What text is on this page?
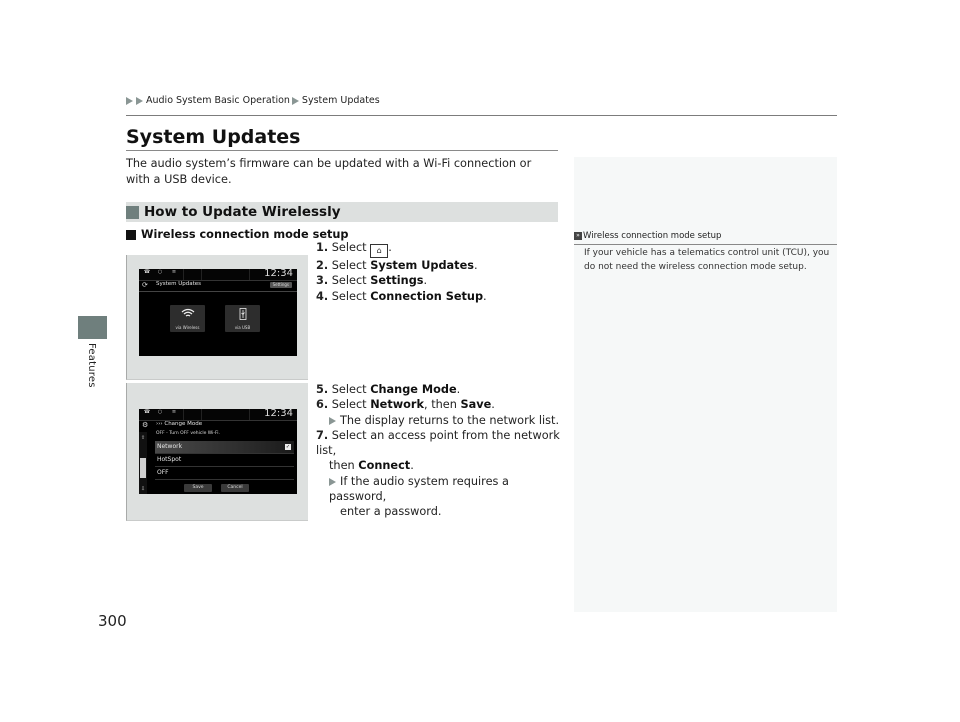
Features
300
Audio System Basic Operation System Updates
System Updates
The audio system’s firmware can be updated with a Wi-Fi connection or with a USB device.
How to Update Wirelessly
Wireless connection mode setup
☎	○	≡	12:34
⟳ System Updates	Settings
via Wireless	via USB
☎	○	≡	12:34
⚙ ››› Change Mode
OFF - Turn OFF vehicle Wi-Fi.
⇧
⇩
Network	✓
HotSpot
OFF
Save	Cancel
1. Select ⌂ .
2. Select System Updates.
3. Select Settings.
4. Select Connection Setup.
5. Select Change Mode.
6. Select Network, then Save.
The display returns to the network list.
7. Select an access point from the network list,
then Connect.
If the audio system requires a password,
enter a password.
» Wireless connection mode setup
If your vehicle has a telematics control unit (TCU), you do not need the wireless connection mode setup.
